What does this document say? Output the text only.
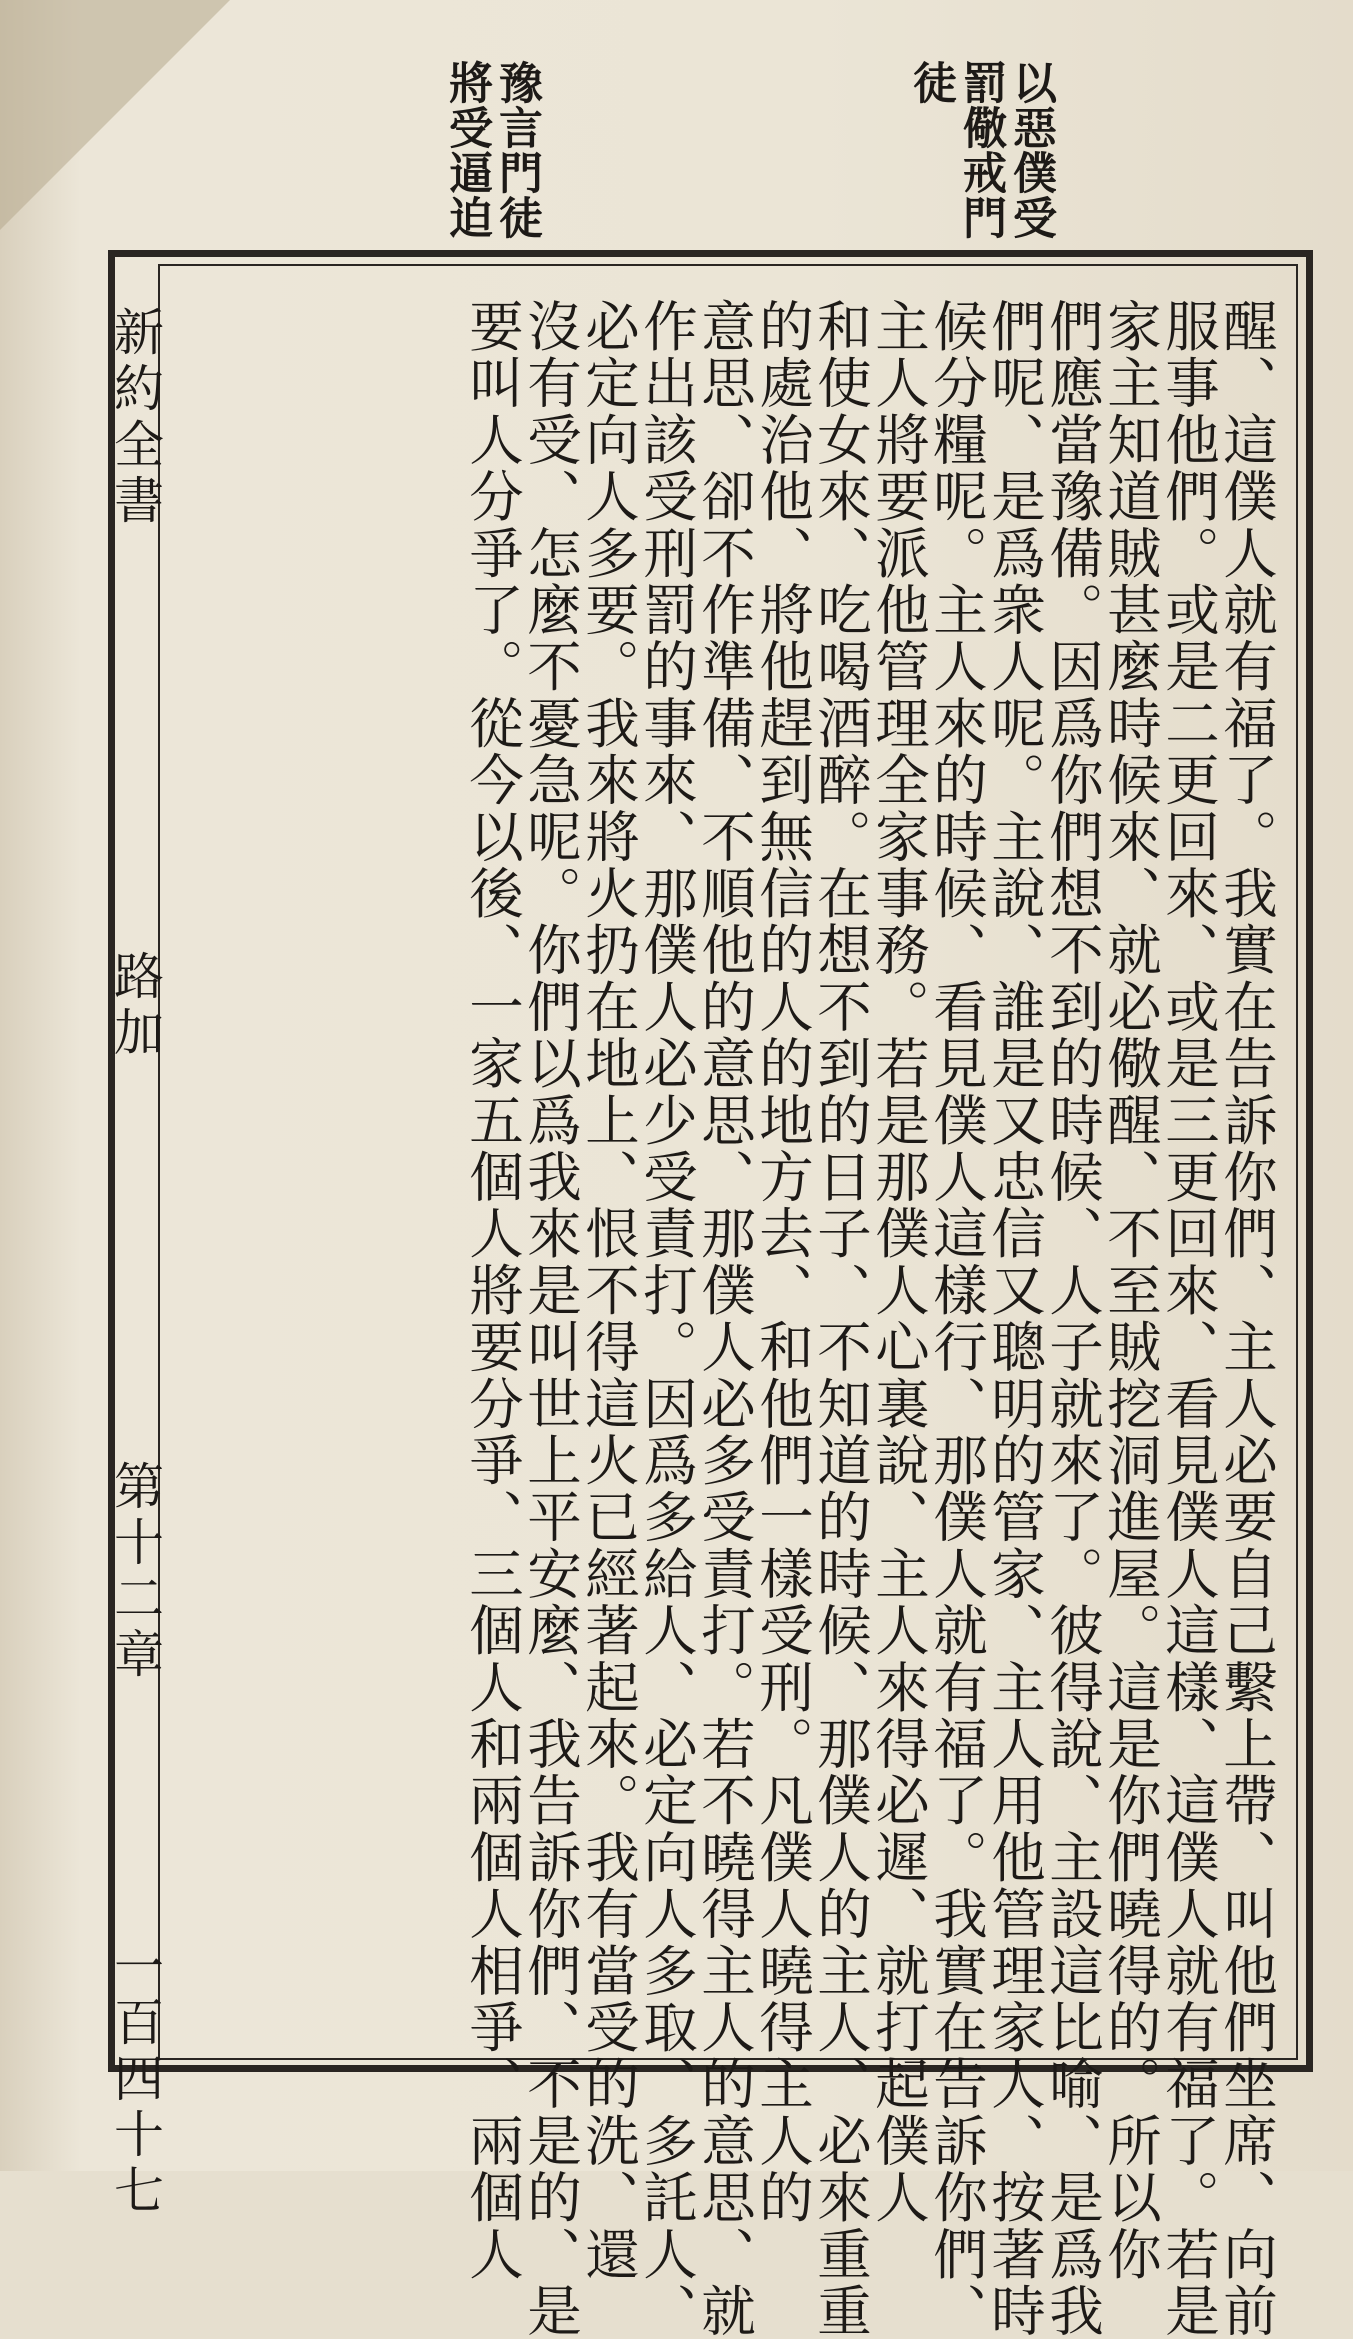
以惡僕受
罰儆戒門
徒
豫言門徒
將受逼迫
醒、這僕人就有福了。我實在告訴你們、主人必要自己繫上帶、叫他們坐席、向前
服事他們。或是二更回來、或是三更回來、看見僕人這樣、這僕人就有福了。若是
家主知道賊甚麼時候來、就必儆醒、不至賊挖洞進屋。這是你們曉得的。所以你
們應當豫備。因爲你們想不到的時候、人子就來了。彼得說、主設這比喻、是爲我
們呢、是爲衆人呢。主說、誰是又忠信又聰明的管家、主人用他管理家人、按著時
候分糧呢。主人來的時候、看見僕人這樣行、那僕人就有福了。我實在告訴你們、
主人將要派他管理全家事務。若是那僕人心裏說、主人來得必遲、就打起僕人
和使女來、吃喝酒醉。在想不到的日子、不知道的時候、那僕人的主人、必來重重
的處治他、將他趕到無信的人的地方去、和他們一樣受刑。凡僕人曉得主人的
意思、卻不作準備、不順他的意思、那僕人必多受責打。若不曉得主人的意思、就
作出該受刑罰的事來、那僕人必少受責打。因爲多給人、必定向人多取、多託人、
必定向人多要。我來將火扔在地上、恨不得這火已經著起來。我有當受的洗、還
沒有受、怎麼不憂急呢。你們以爲我來是叫世上平安麼、我告訴你們、不是的、是
要叫人分爭了。從今以後、一家五個人將要分爭、三個人和兩個人相爭、兩個人
新約全書
路加
第十二章
一百四十七
